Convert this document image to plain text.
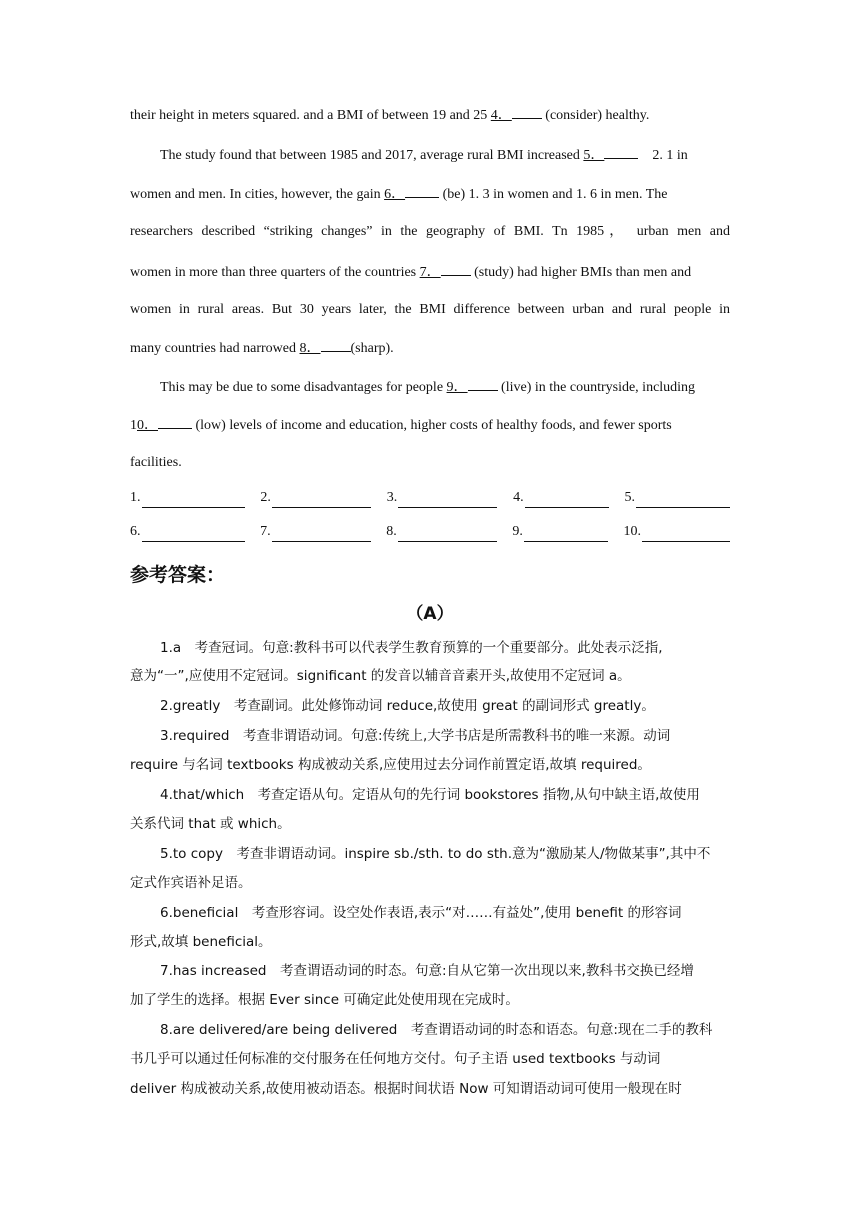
their height in meters squared. and a BMI of between 19 and 25 4． (consider) healthy.
The study found that between 1985 and 2017, average rural BMI increased 5．	2. 1 in
women and men. In cities, however, the gain 6． (be) 1. 3 in women and 1. 6 in men. The
researchers described “striking changes” in the geography of BMI. Tn 1985， urban men and
women in more than three quarters of the countries 7． (study) had higher BMIs than men and
women in rural areas. But 30 years later, the BMI difference between urban and rural people in
many countries had narrowed 8． (sharp).
This may be due to some disadvantages for people 9． (live) in the countryside, including
10． (low) levels of income and education, higher costs of healthy foods, and fewer sports
facilities.
1.	2.	3.	4.	5.
6.	7.	8.	9.	10.
参考答案：
（A）
1.a　考查冠词。句意:教科书可以代表学生教育预算的一个重要部分。此处表示泛指,
意为“一”,应使用不定冠词。significant 的发音以辅音音素开头,故使用不定冠词 a。
2.greatly　考查副词。此处修饰动词 reduce,故使用 great 的副词形式 greatly。
3.required　考查非谓语动词。句意:传统上,大学书店是所需教科书的唯一来源。动词
require 与名词 textbooks 构成被动关系,应使用过去分词作前置定语,故填 required。
4.that/which　考查定语从句。定语从句的先行词 bookstores 指物,从句中缺主语,故使用
关系代词 that 或 which。
5.to copy　考查非谓语动词。inspire sb./sth. to do sth.意为“激励某人/物做某事”,其中不
定式作宾语补足语。
6.beneficial　考查形容词。设空处作表语,表示“对……有益处”,使用 benefit 的形容词
形式,故填 beneficial。
7.has increased　考查谓语动词的时态。句意:自从它第一次出现以来,教科书交换已经增
加了学生的选择。根据 Ever since 可确定此处使用现在完成时。
8.are delivered/are being delivered　考查谓语动词的时态和语态。句意:现在二手的教科
书几乎可以通过任何标准的交付服务在任何地方交付。句子主语 used textbooks 与动词
deliver 构成被动关系,故使用被动语态。根据时间状语 Now 可知谓语动词可使用一般现在时
